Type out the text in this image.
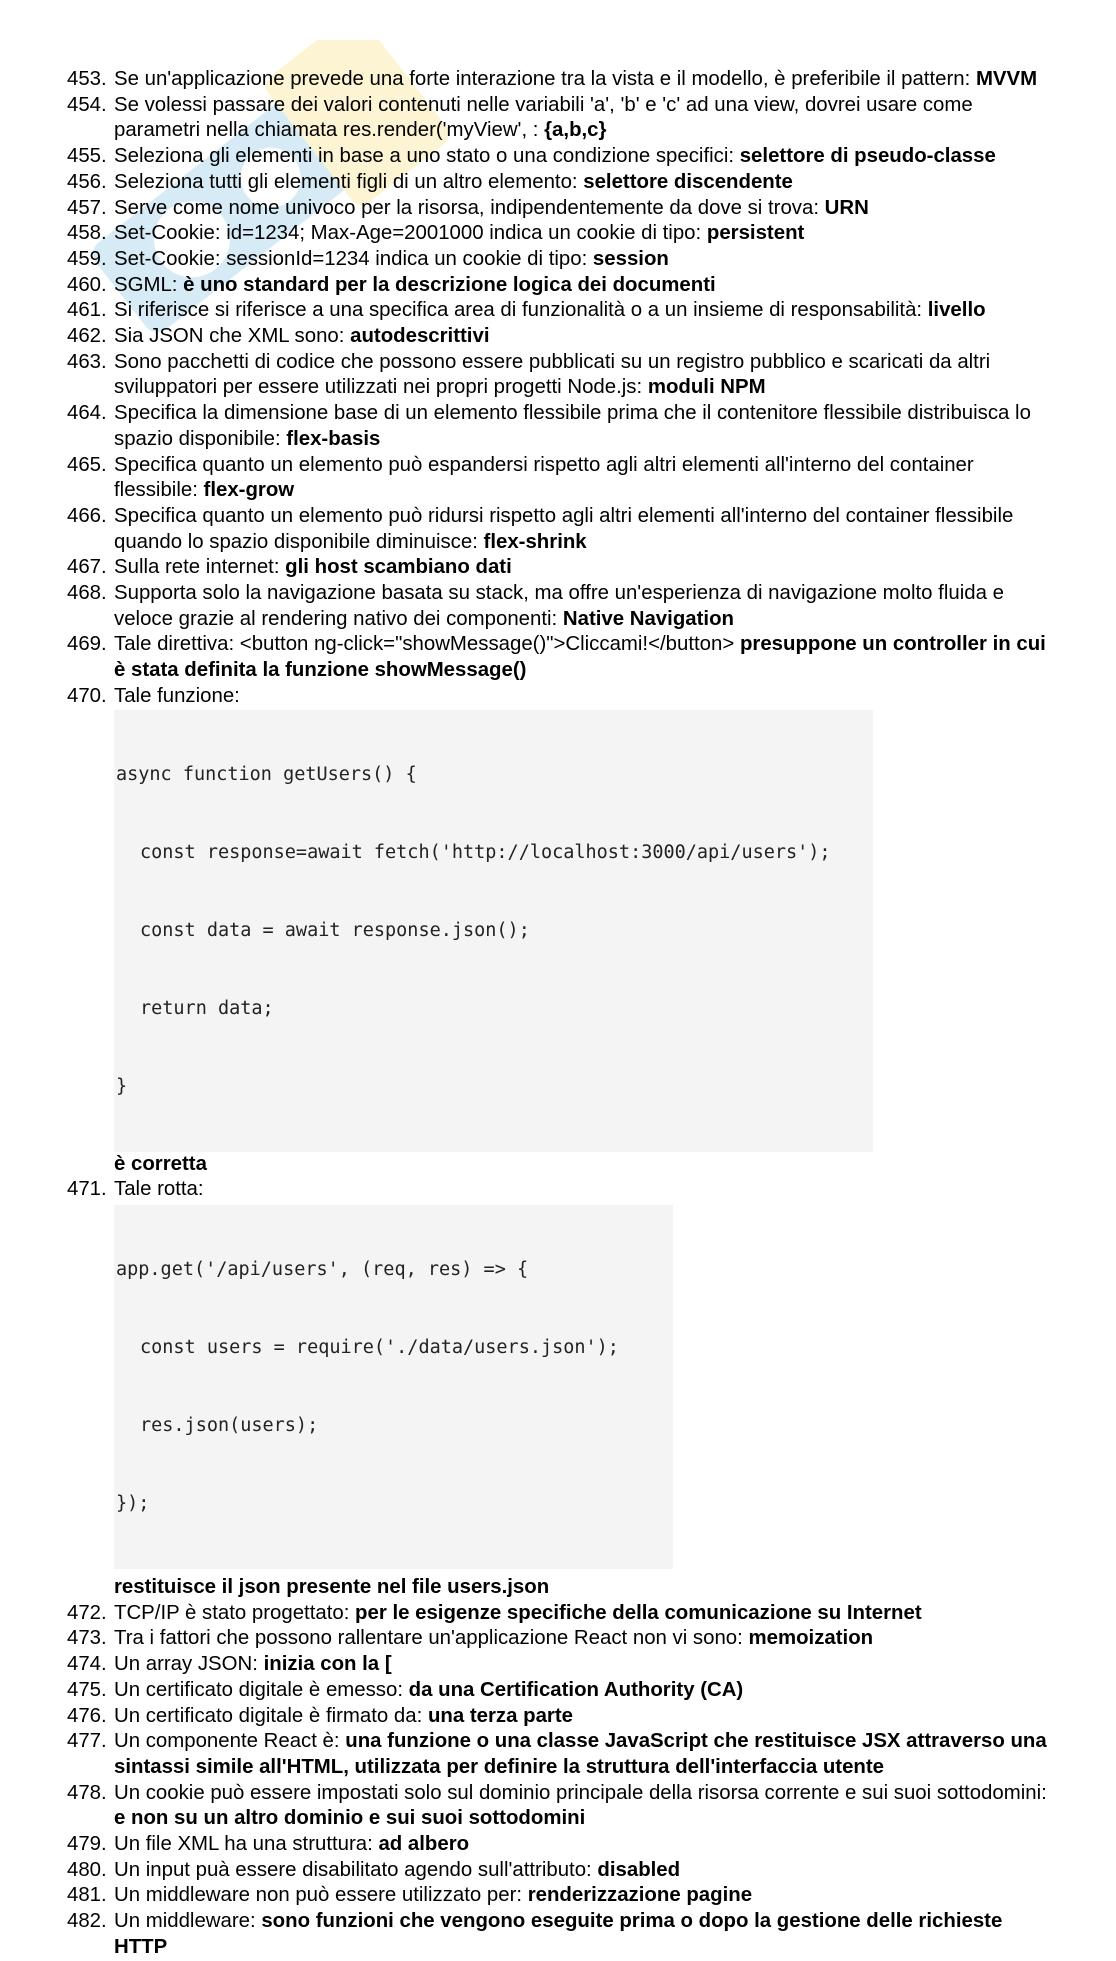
453. Se un'applicazione prevede una forte interazione tra la vista e il modello, è preferibile il pattern: MVVM
454. Se volessi passare dei valori contenuti nelle variabili 'a', 'b' e 'c' ad una view, dovrei usare come parametri nella chiamata res.render('myView', : {a,b,c}
455. Seleziona gli elementi in base a uno stato o una condizione specifici: selettore di pseudo-classe
456. Seleziona tutti gli elementi figli di un altro elemento: selettore discendente
457. Serve come nome univoco per la risorsa, indipendentemente da dove si trova: URN
458. Set-Cookie: id=1234; Max-Age=2001000 indica un cookie di tipo: persistent
459. Set-Cookie: sessionId=1234 indica un cookie di tipo: session
460. SGML: è uno standard per la descrizione logica dei documenti
461. Si riferisce si riferisce a una specifica area di funzionalità o a un insieme di responsabilità: livello
462. Sia JSON che XML sono: autodescrittivi
463. Sono pacchetti di codice che possono essere pubblicati su un registro pubblico e scaricati da altri sviluppatori per essere utilizzati nei propri progetti Node.js: moduli NPM
464. Specifica la dimensione base di un elemento flessibile prima che il contenitore flessibile distribuisca lo spazio disponibile: flex-basis
465. Specifica quanto un elemento può espandersi rispetto agli altri elementi all'interno del container flessibile: flex-grow
466. Specifica quanto un elemento può ridursi rispetto agli altri elementi all'interno del container flessibile quando lo spazio disponibile diminuisce: flex-shrink
467. Sulla rete internet: gli host scambiano dati
468. Supporta solo la navigazione basata su stack, ma offre un'esperienza di navigazione molto fluida e veloce grazie al rendering nativo dei componenti: Native Navigation
469. Tale direttiva: <button ng-click="showMessage()">Cliccami!</button> presuppone un controller in cui è stata definita la funzione showMessage()
470. Tale funzione:

async function getUsers() {

const response=await fetch('http://localhost:3000/api/users');

const data = await response.json();

return data;

}

è corretta
471. Tale rotta:

app.get('/api/users', (req, res) => {

const users = require('./data/users.json');

res.json(users);

});

restituisce il json presente nel file users.json
472. TCP/IP è stato progettato: per le esigenze specifiche della comunicazione su Internet
473. Tra i fattori che possono rallentare un'applicazione React non vi sono: memoization
474. Un array JSON: inizia con la [
475. Un certificato digitale è emesso: da una Certification Authority (CA)
476. Un certificato digitale è firmato da: una terza parte
477. Un componente React è: una funzione o una classe JavaScript che restituisce JSX attraverso una sintassi simile all'HTML, utilizzata per definire la struttura dell'interfaccia utente
478. Un cookie può essere impostati solo sul dominio principale della risorsa corrente e sui suoi sottodomini: e non su un altro dominio e sui suoi sottodomini
479. Un file XML ha una struttura: ad albero
480. Un input puà essere disabilitato agendo sull'attributo: disabled
481. Un middleware non può essere utilizzato per: renderizzazione pagine
482. Un middleware: sono funzioni che vengono eseguite prima o dopo la gestione delle richieste HTTP
